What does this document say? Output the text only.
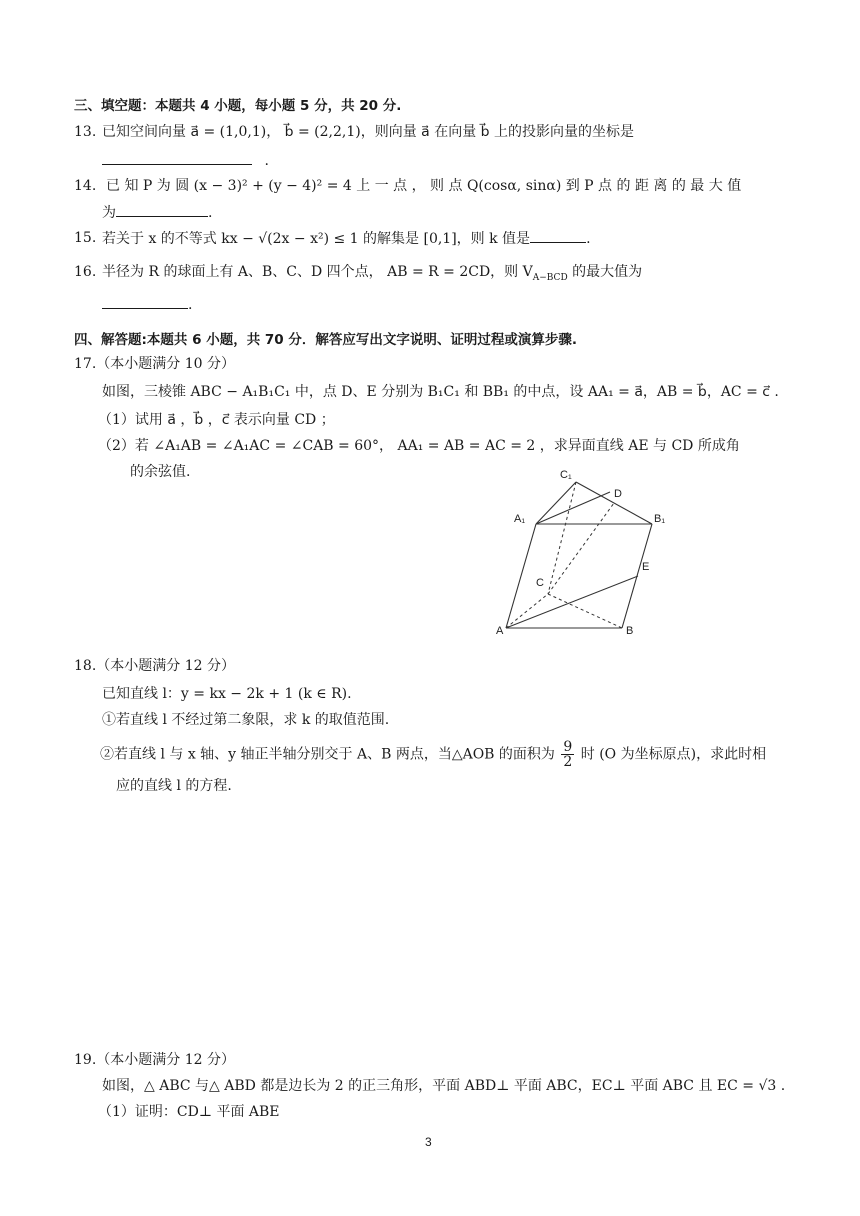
三、填空题：本题共 4 小题，每小题 5 分，共 20 分.
13. 已知空间向量 a⃗ = (1,0,1)， b⃗ = (2,2,1)，则向量 a⃗ 在向量 b⃗ 上的投影向量的坐标是
.
14. 已 知 P 为 圆 (x − 3)² + (y − 4)² = 4 上 一 点 ， 则 点 Q(cosα, sinα) 到 P 点 的 距 离 的 最 大 值
为	.
15. 若关于 x 的不等式 kx − √(2x − x²) ≤ 1 的解集是 [0,1]，则 k 值是	.
16. 半径为 R 的球面上有 A、B、C、D 四个点， AB = R = 2CD，则 $V_{A-BCD}$ 的最大值为
.
四、解答题:本题共 6 小题，共 70 分．解答应写出文字说明、证明过程或演算步骤.
17.（本小题满分 10 分）
如图，三棱锥 ABC − A₁B₁C₁ 中，点 D、E 分别为 B₁C₁ 和 BB₁ 的中点，设 AA₁ = a⃗，AB = b⃗，AC = c⃗ .
（1）试用 a⃗ ，b⃗ ，c⃗ 表示向量 CD ；
（2）若 ∠A₁AB = ∠A₁AC = ∠CAB = 60°， AA₁ = AB = AC = 2 ，求异面直线 AE 与 CD 所成角
的余弦值.	C₁
D
A₁	B₁
C
E
A	B
18.（本小题满分 12 分）
已知直线 l：y = kx − 2k + 1 (k ∈ R).
①若直线 l 不经过第二象限，求 k 的取值范围.
②若直线 l 与 x 轴、y 轴正半轴分别交于 A、B 两点，当△AOB 的面积为 $\frac{9}{2}$ 时 (O 为坐标原点)，求此时相
应的直线 l 的方程.
19.（本小题满分 12 分）
如图，△ ABC 与△ ABD 都是边长为 2 的正三角形，平面 ABD⊥ 平面 ABC，EC⊥ 平面 ABC 且 EC = √3 .
（1）证明：CD⊥ 平面 ABE
3
